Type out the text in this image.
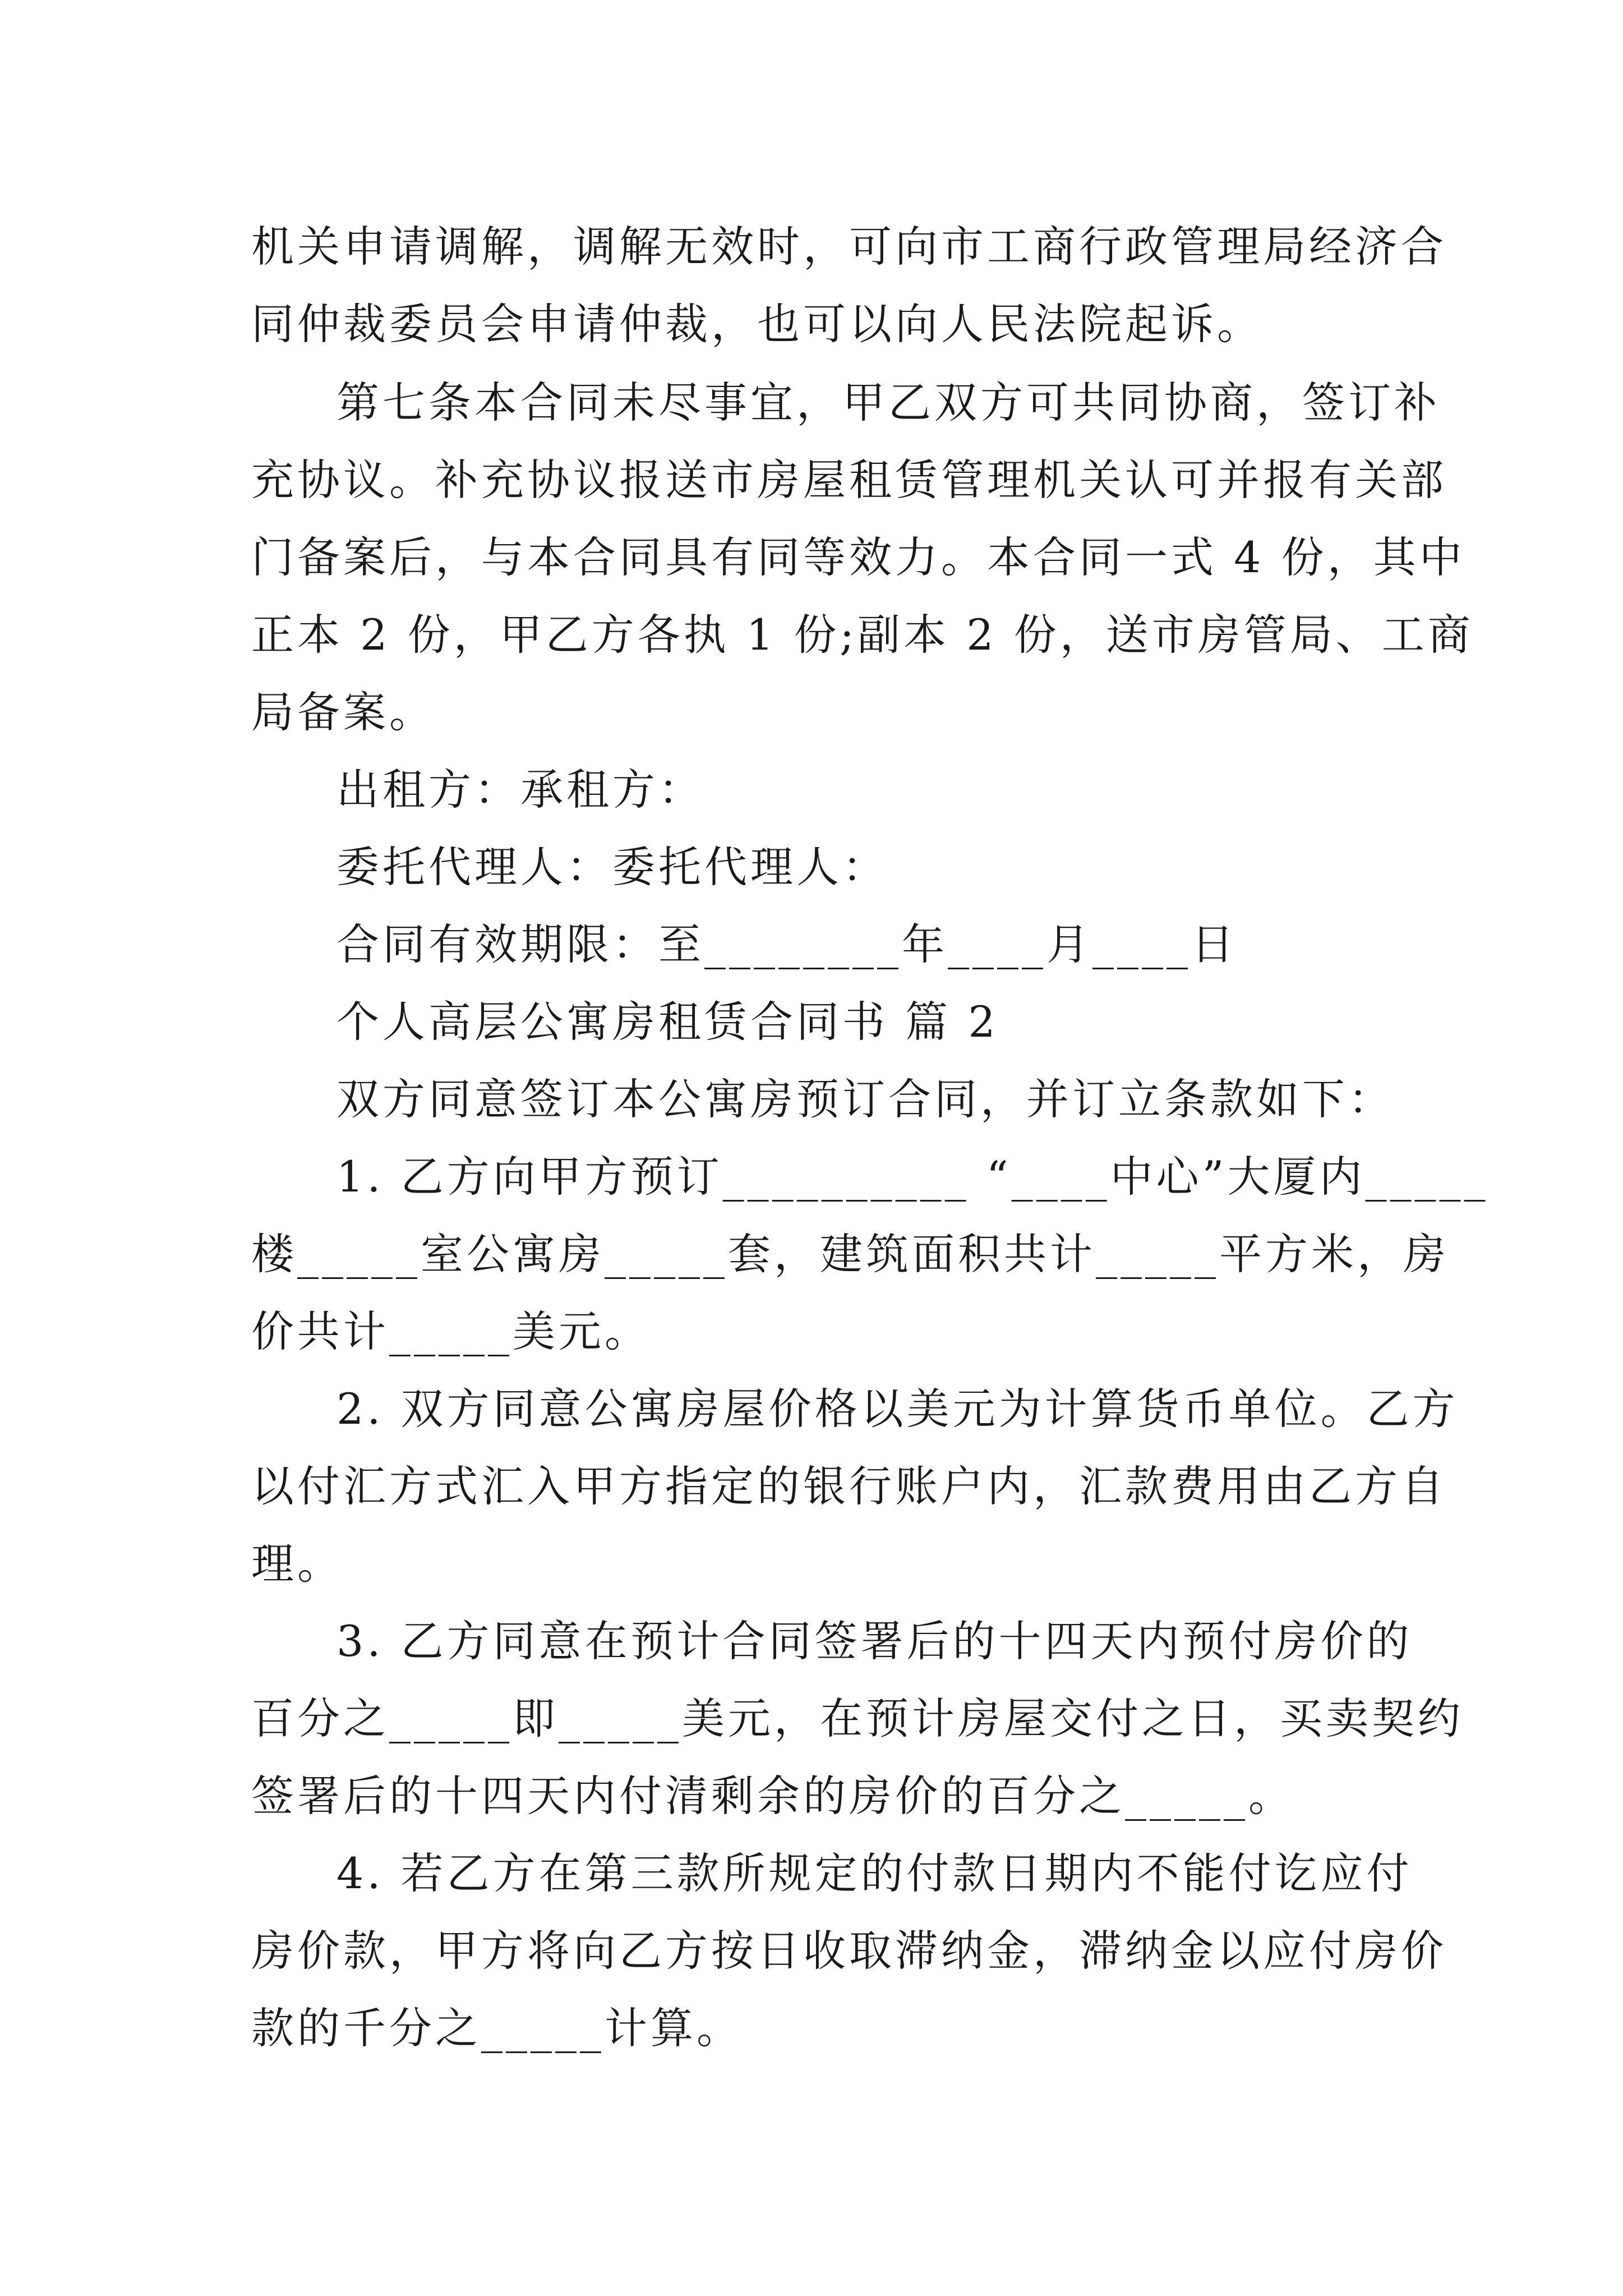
机 关 申 请 调 解 ， 调 解 无 效 时 ， 可 向 市 工 商 行 政 管 理 局 经 济 合
同仲裁委员会申请仲裁，也可以向人民法院起诉。
第七条本合同未尽事宜，甲乙双方可共同协商，签订补
充 协 议 。 补 充 协 议 报 送 市 房 屋 租 赁 管 理 机 关 认 可 并 报 有 关 部
门 备 案 后 ， 与 本 合 同 具 有 同 等 效 力 。 本 合 同 一 式
4
份 ， 其 中
正 本
2
份 ， 甲 乙 方 各 执
1
份 ; 副 本
2
份 ， 送 市 房 管 局 、 工 商
局备案。
出租方：承租方：
委托代理人：委托代理人：
合同有效期限：至________年____月____日
个人高层公寓房租赁合同书 篇 2
双方同意签订本公寓房预订合同，并订立条款如下：
1. 乙方向甲方预订__________ “____中心”大厦内_____
楼 _ _ _ _ _ 室 公 寓 房 _ _ _ _ _ 套 ， 建 筑 面 积 共 计 _ _ _ _ _ 平 方 米 ， 房
价共计_____美元。
2. 双方同意公寓房屋价格以美元为计算货币单位。乙方
以 付 汇 方 式 汇 入 甲 方 指 定 的 银 行 账 户 内 ， 汇 款 费 用 由 乙 方 自
理。
3. 乙方同意在预计合同签署后的十四天内预付房价的
百 分 之 _ _ _ _ _ 即 _ _ _ _ _ 美 元 ， 在 预 计 房 屋 交 付 之 日 ， 买 卖 契 约
签署后的十四天内付清剩余的房价的百分之_____。
4. 若乙方在第三款所规定的付款日期内不能付讫应付
房 价 款 ， 甲 方 将 向 乙 方 按 日 收 取 滞 纳 金 ， 滞 纳 金 以 应 付 房 价
款的千分之_____计算。
